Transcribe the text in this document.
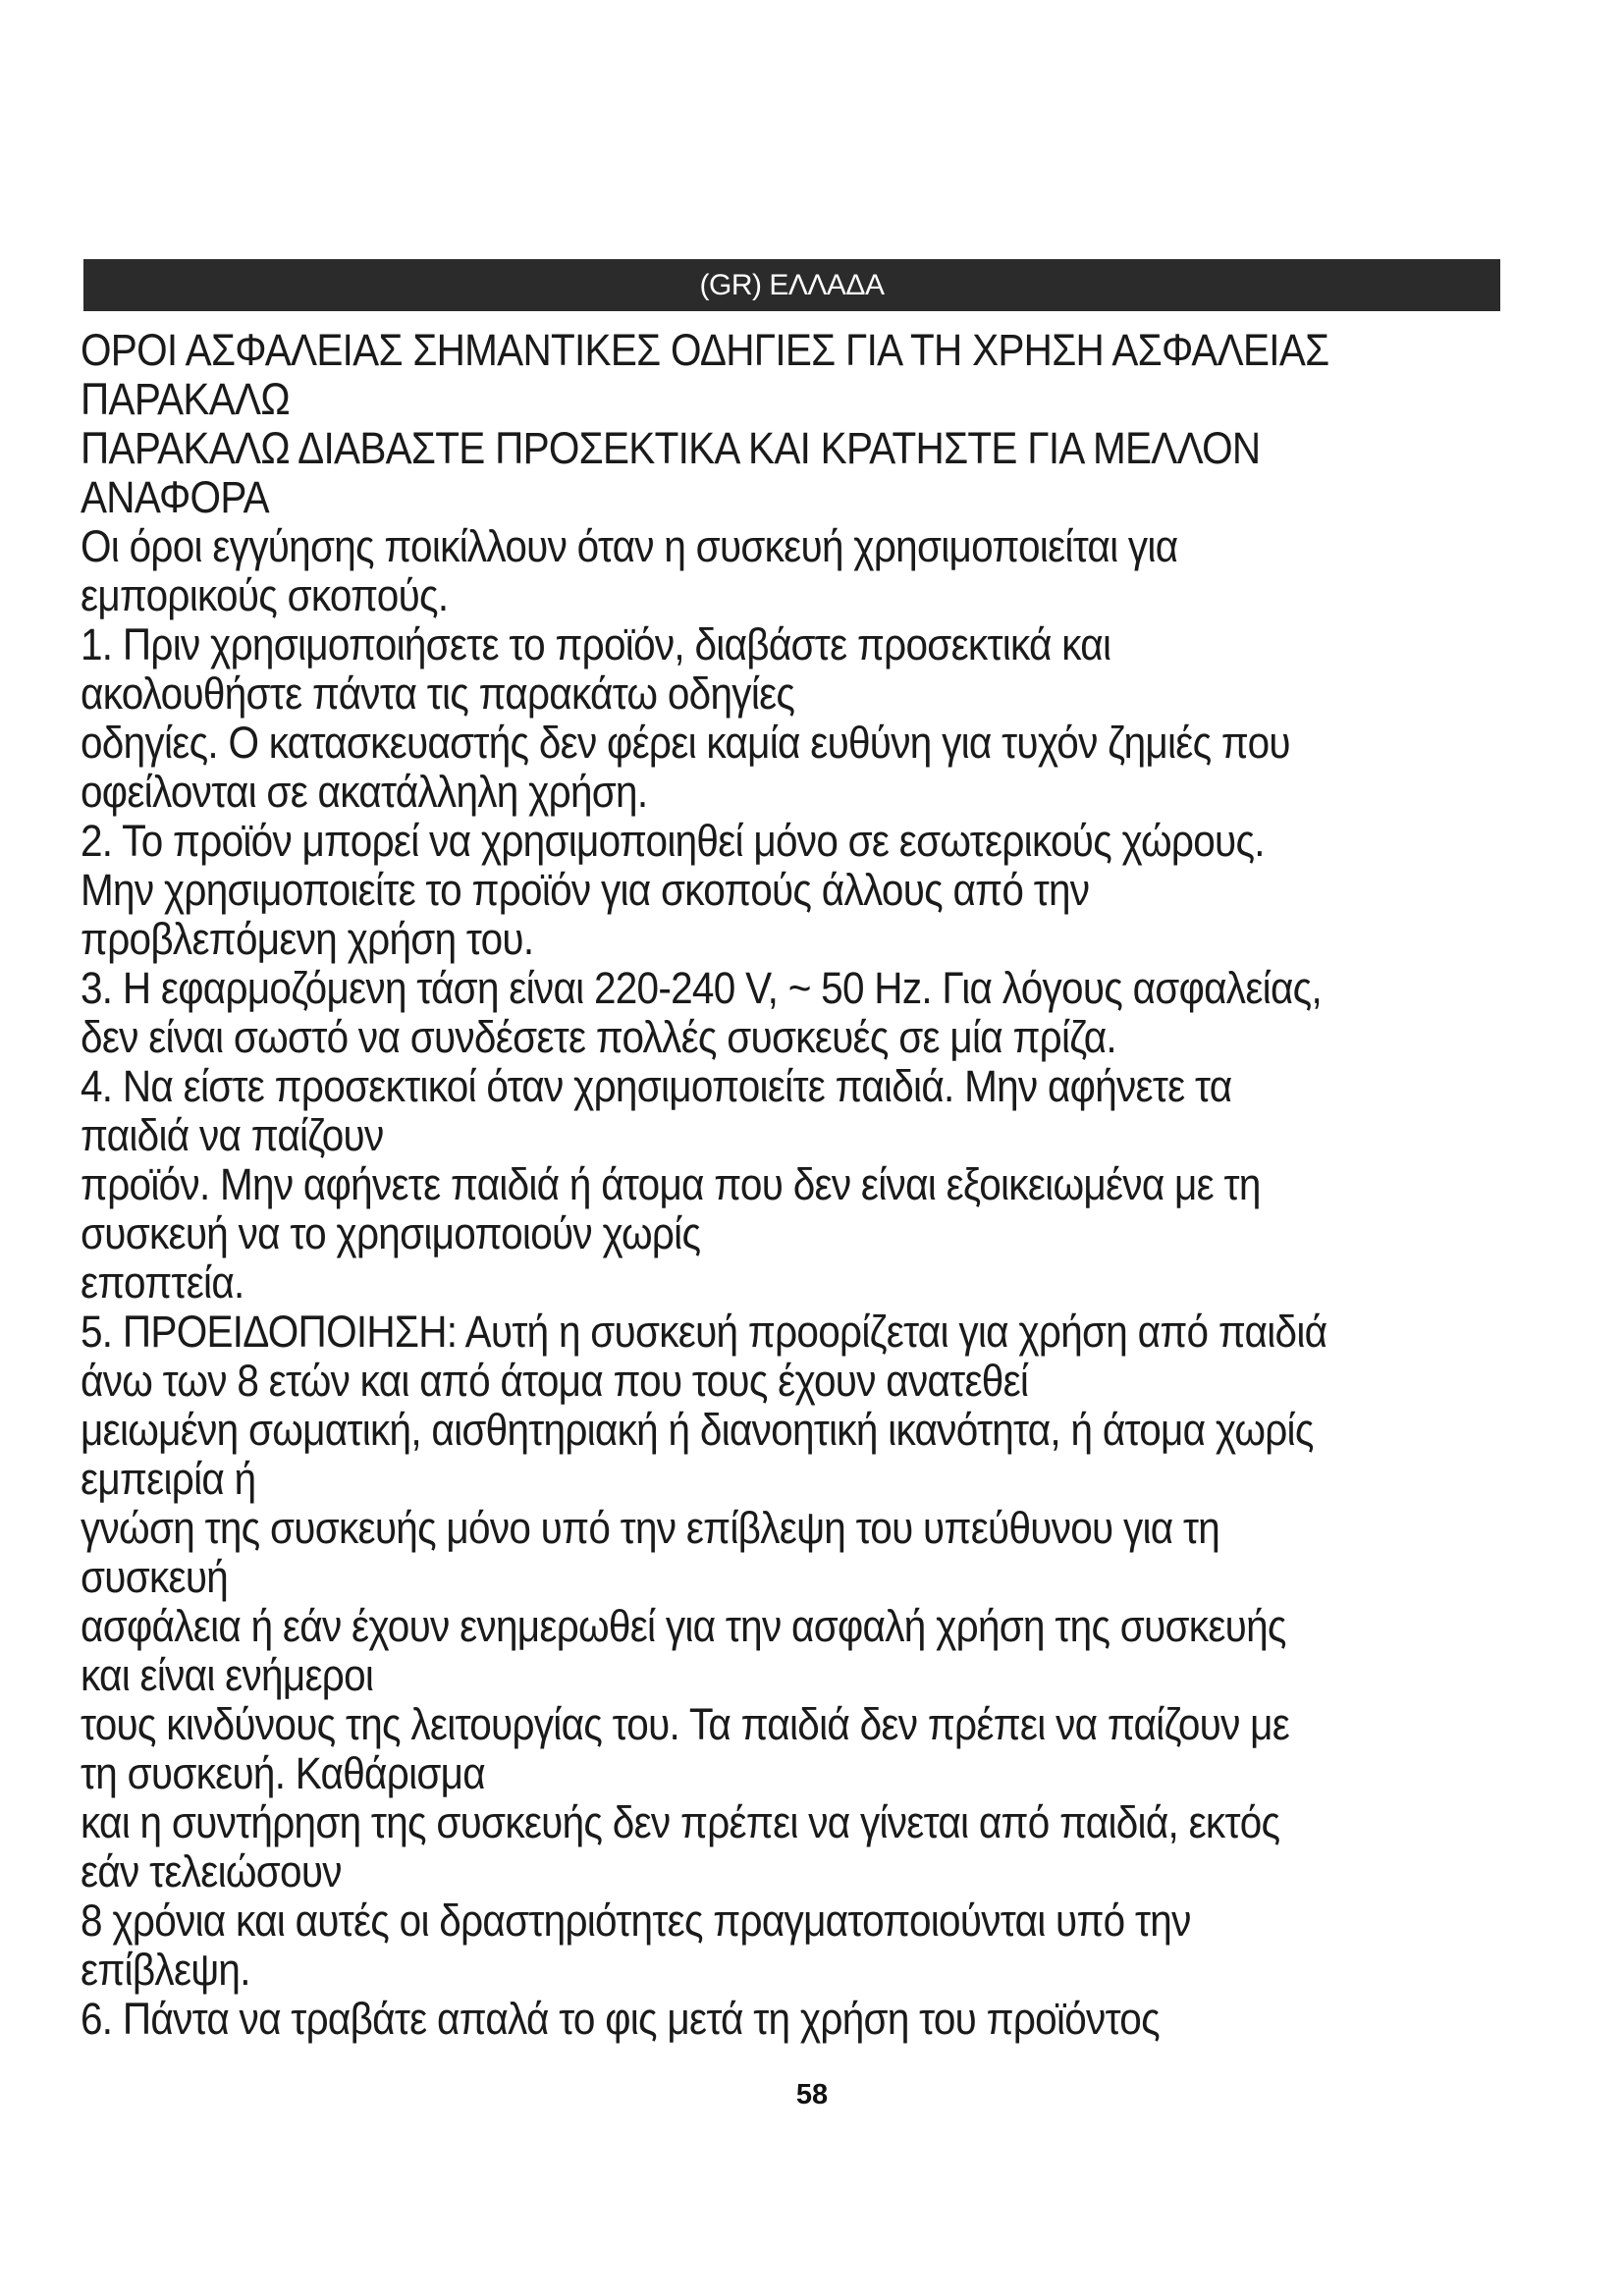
(GR) ΕΛΛΑΔΑ
ΟΡΟΙ ΑΣΦΑΛΕΙΑΣ ΣΗΜΑΝΤΙΚΕΣ ΟΔΗΓΙΕΣ ΓΙΑ ΤΗ ΧΡΗΣΗ ΑΣΦΑΛΕΙΑΣ
ΠΑΡΑΚΑΛΩ
ΠΑΡΑΚΑΛΩ ΔΙΑΒΑΣΤΕ ΠΡΟΣΕΚΤΙΚΑ ΚΑΙ ΚΡΑΤΗΣΤΕ ΓΙΑ ΜΕΛΛΟΝ
ΑΝΑΦΟΡΑ
Οι όροι εγγύησης ποικίλλουν όταν η συσκευή χρησιμοποιείται για
εμπορικούς σκοπούς.
1. Πριν χρησιμοποιήσετε το προϊόν, διαβάστε προσεκτικά και
ακολουθήστε πάντα τις παρακάτω οδηγίες
οδηγίες. Ο κατασκευαστής δεν φέρει καμία ευθύνη για τυχόν ζημιές που
οφείλονται σε ακατάλληλη χρήση.
2. Το προϊόν μπορεί να χρησιμοποιηθεί μόνο σε εσωτερικούς χώρους.
Μην χρησιμοποιείτε το προϊόν για σκοπούς άλλους από την
προβλεπόμενη χρήση του.
3. Η εφαρμοζόμενη τάση είναι 220-240 V, ~ 50 Hz. Για λόγους ασφαλείας,
δεν είναι σωστό να συνδέσετε πολλές συσκευές σε μία πρίζα.
4. Να είστε προσεκτικοί όταν χρησιμοποιείτε παιδιά. Μην αφήνετε τα
παιδιά να παίζουν
προϊόν. Μην αφήνετε παιδιά ή άτομα που δεν είναι εξοικειωμένα με τη
συσκευή να το χρησιμοποιούν χωρίς
εποπτεία.
5. ΠΡΟΕΙΔΟΠΟΙΗΣΗ: Αυτή η συσκευή προορίζεται για χρήση από παιδιά
άνω των 8 ετών και από άτομα που τους έχουν ανατεθεί
μειωμένη σωματική, αισθητηριακή ή διανοητική ικανότητα, ή άτομα χωρίς
εμπειρία ή
γνώση της συσκευής μόνο υπό την επίβλεψη του υπεύθυνου για τη
συσκευή
ασφάλεια ή εάν έχουν ενημερωθεί για την ασφαλή χρήση της συσκευής
και είναι ενήμεροι
τους κινδύνους της λειτουργίας του. Τα παιδιά δεν πρέπει να παίζουν με
τη συσκευή. Καθάρισμα
και η συντήρηση της συσκευής δεν πρέπει να γίνεται από παιδιά, εκτός
εάν τελειώσουν
8 χρόνια και αυτές οι δραστηριότητες πραγματοποιούνται υπό την
επίβλεψη.
6. Πάντα να τραβάτε απαλά το φις μετά τη χρήση του προϊόντος
58
